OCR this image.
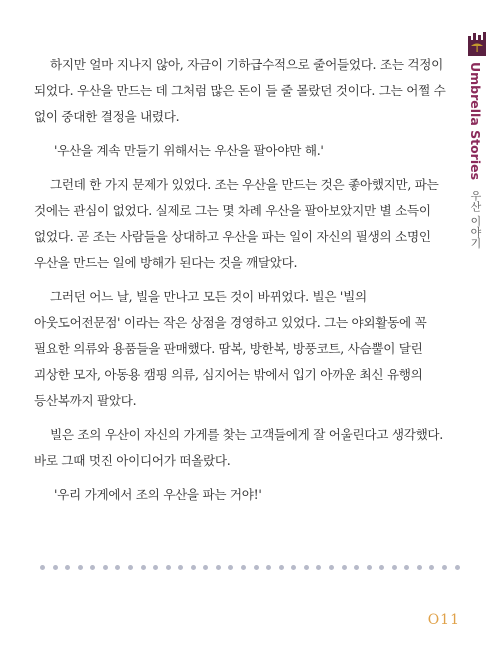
Umbrella Stories 우산 이야기

하지만 얼마 지나지 않아, 자금이 기하급수적으로 줄어들었다. 조는 걱정이 되었다. 우산을 만드는 데 그처럼 많은 돈이 들 줄 몰랐던 것이다. 그는 어쩔 수 없이 중대한 결정을 내렸다.

'우산을 계속 만들기 위해서는 우산을 팔아야만 해.'

그런데 한 가지 문제가 있었다. 조는 우산을 만드는 것은 좋아했지만, 파는 것에는 관심이 없었다. 실제로 그는 몇 차례 우산을 팔아보았지만 별 소득이 없었다. 곧 조는 사람들을 상대하고 우산을 파는 일이 자신의 필생의 소명인 우산을 만드는 일에 방해가 된다는 것을 깨달았다.

그러던 어느 날, 빌을 만나고 모든 것이 바뀌었다. 빌은 '빌의 아웃도어전문점' 이라는 작은 상점을 경영하고 있었다. 그는 야외활동에 꼭 필요한 의류와 용품들을 판매했다. 땀복, 방한복, 방풍코트, 사슴뿔이 달린 괴상한 모자, 아동용 캠핑 의류, 심지어는 밖에서 입기 아까운 최신 유행의 등산복까지 팔았다.

빌은 조의 우산이 자신의 가게를 찾는 고객들에게 잘 어울린다고 생각했다. 바로 그때 멋진 아이디어가 떠올랐다.

'우리 가게에서 조의 우산을 파는 거야!'

O11
